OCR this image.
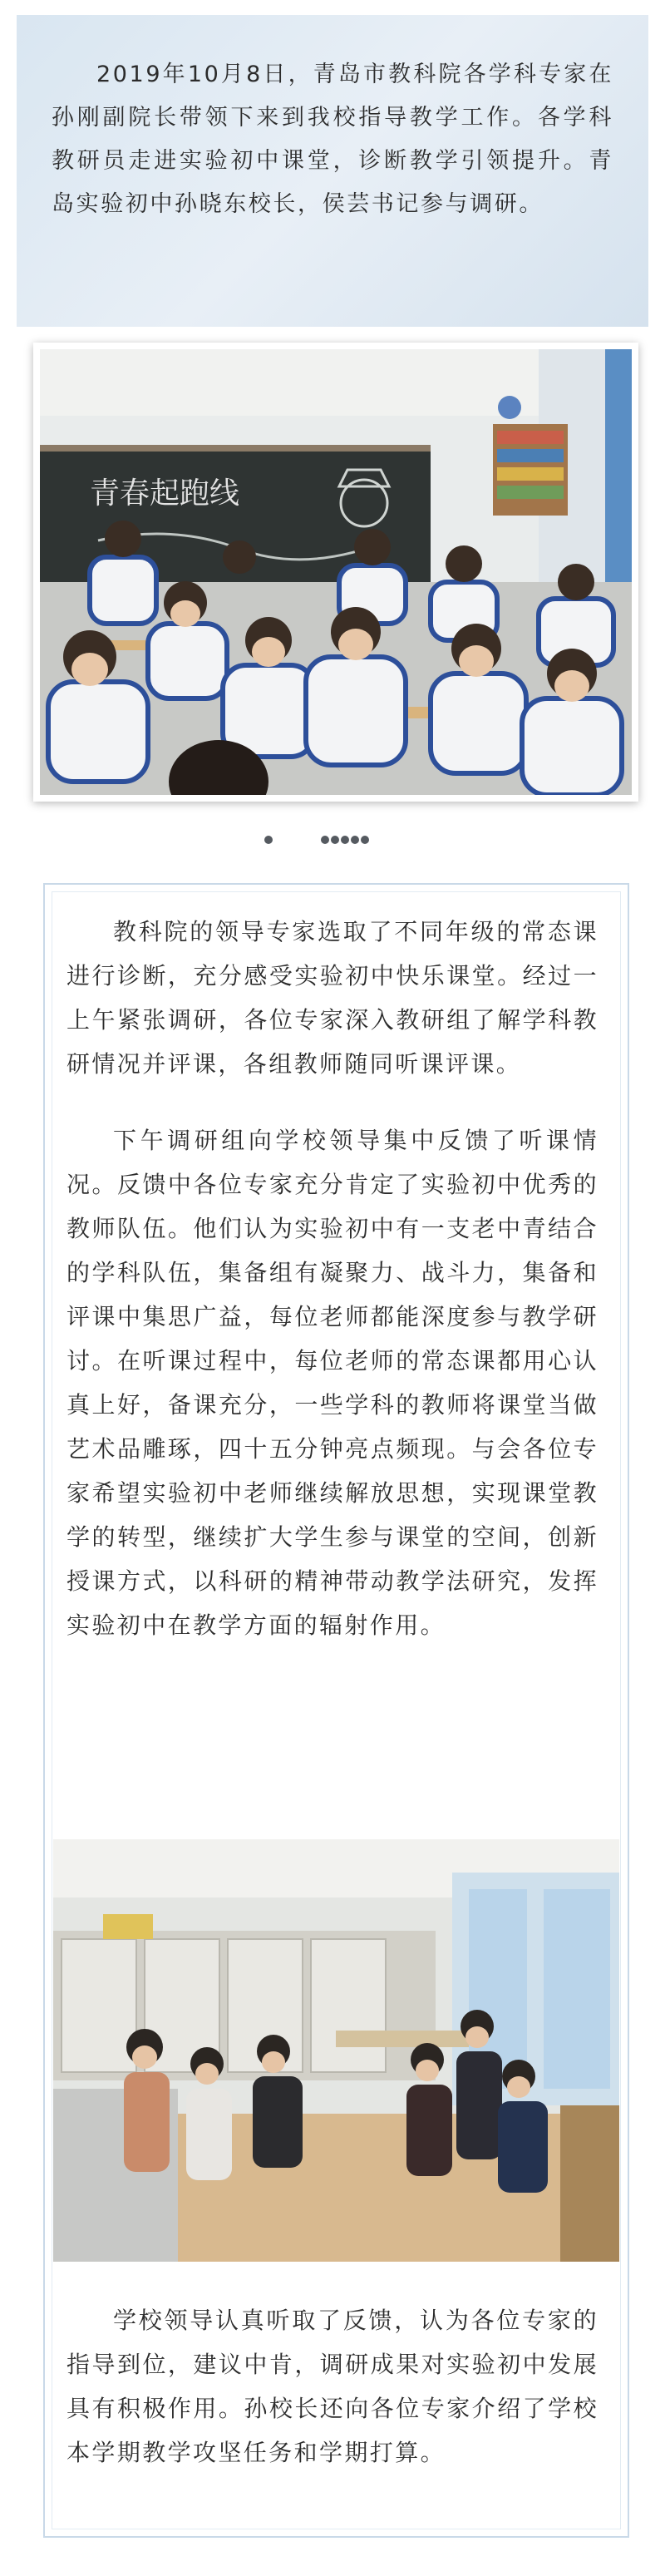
2019年10月8日，青岛市教科院各学科专家在孙刚副院长带领下来到我校指导教学工作。各学科教研员走进实验初中课堂，诊断教学引领提升。青岛实验初中孙晓东校长，侯芸书记参与调研。

青春起跑线

教科院的领导专家选取了不同年级的常态课进行诊断，充分感受实验初中快乐课堂。经过一上午紧张调研，各位专家深入教研组了解学科教研情况并评课，各组教师随同听课评课。

下午调研组向学校领导集中反馈了听课情况。反馈中各位专家充分肯定了实验初中优秀的教师队伍。他们认为实验初中有一支老中青结合的学科队伍，集备组有凝聚力、战斗力，集备和评课中集思广益，每位老师都能深度参与教学研讨。在听课过程中，每位老师的常态课都用心认真上好，备课充分，一些学科的教师将课堂当做艺术品雕琢，四十五分钟亮点频现。与会各位专家希望实验初中老师继续解放思想，实现课堂教学的转型，继续扩大学生参与课堂的空间，创新授课方式，以科研的精神带动教学法研究，发挥实验初中在教学方面的辐射作用。

学校领导认真听取了反馈，认为各位专家的指导到位，建议中肯，调研成果对实验初中发展具有积极作用。孙校长还向各位专家介绍了学校本学期教学攻坚任务和学期打算。
